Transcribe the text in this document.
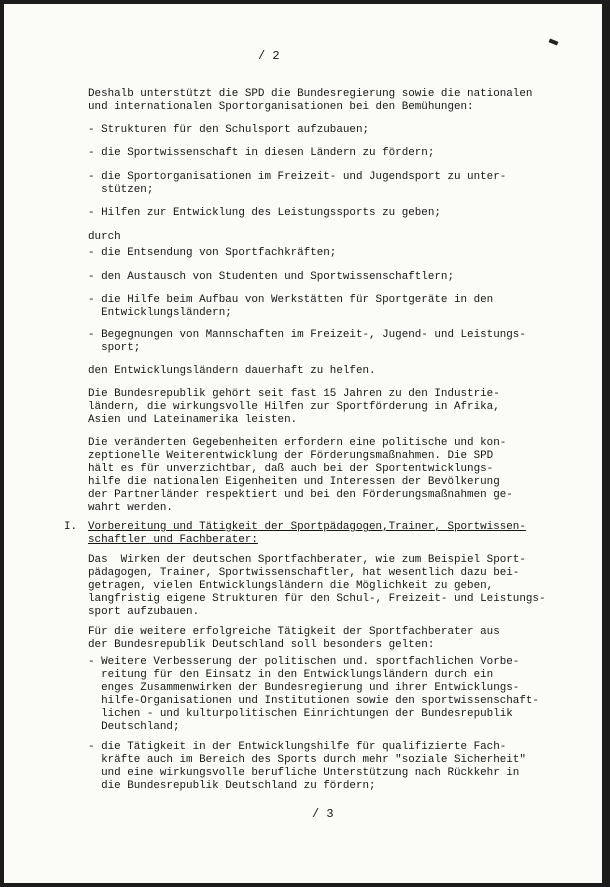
/ 2
Deshalb unterstützt die SPD die Bundesregierung sowie die nationalen
und internationalen Sportorganisationen bei den Bemühungen:
- Strukturen für den Schulsport aufzubauen;
- die Sportwissenschaft in diesen Ländern zu fördern;
- die Sportorganisationen im Freizeit- und Jugendsport zu unter-
stützen;
- Hilfen zur Entwicklung des Leistungssports zu geben;
durch
- die Entsendung von Sportfachkräften;
- den Austausch von Studenten und Sportwissenschaftlern;
- die Hilfe beim Aufbau von Werkstätten für Sportgeräte in den
Entwicklungsländern;
- Begegnungen von Mannschaften im Freizeit-, Jugend- und Leistungs-
sport;
den Entwicklungsländern dauerhaft zu helfen.
Die Bundesrepublik gehört seit fast 15 Jahren zu den Industrie-
ländern, die wirkungsvolle Hilfen zur Sportförderung in Afrika,
Asien und Lateinamerika leisten.
Die veränderten Gegebenheiten erfordern eine politische und kon-
zeptionelle Weiterentwicklung der Förderungsmaßnahmen. Die SPD
hält es für unverzichtbar, daß auch bei der Sportentwicklungs-
hilfe die nationalen Eigenheiten und Interessen der Bevölkerung
der Partnerländer respektiert und bei den Förderungsmaßnahmen ge-
wahrt werden.
I. Vorbereitung und Tätigkeit der Sportpädagogen,Trainer, Sportwissen-
schaftler und Fachberater:
Das  Wirken der deutschen Sportfachberater, wie zum Beispiel Sport-
pädagogen, Trainer, Sportwissenschaftler, hat wesentlich dazu bei-
getragen, vielen Entwicklungsländern die Möglichkeit zu geben,
langfristig eigene Strukturen für den Schul-, Freizeit- und Leistungs-
sport aufzubauen.
Für die weitere erfolgreiche Tätigkeit der Sportfachberater aus
der Bundesrepublik Deutschland soll besonders gelten:
- Weitere Verbesserung der politischen und. sportfachlichen Vorbe-
reitung für den Einsatz in den Entwicklungsländern durch ein
enges Zusammenwirken der Bundesregierung und ihrer Entwicklungs-
hilfe-Organisationen und Institutionen sowie den sportwissenschaft-
lichen - und kulturpolitischen Einrichtungen der Bundesrepublik
Deutschland;
- die Tätigkeit in der Entwicklungshilfe für qualifizierte Fach-
kräfte auch im Bereich des Sports durch mehr "soziale Sicherheit"
und eine wirkungsvolle berufliche Unterstützung nach Rückkehr in
die Bundesrepublik Deutschland zu fördern;
/ 3
